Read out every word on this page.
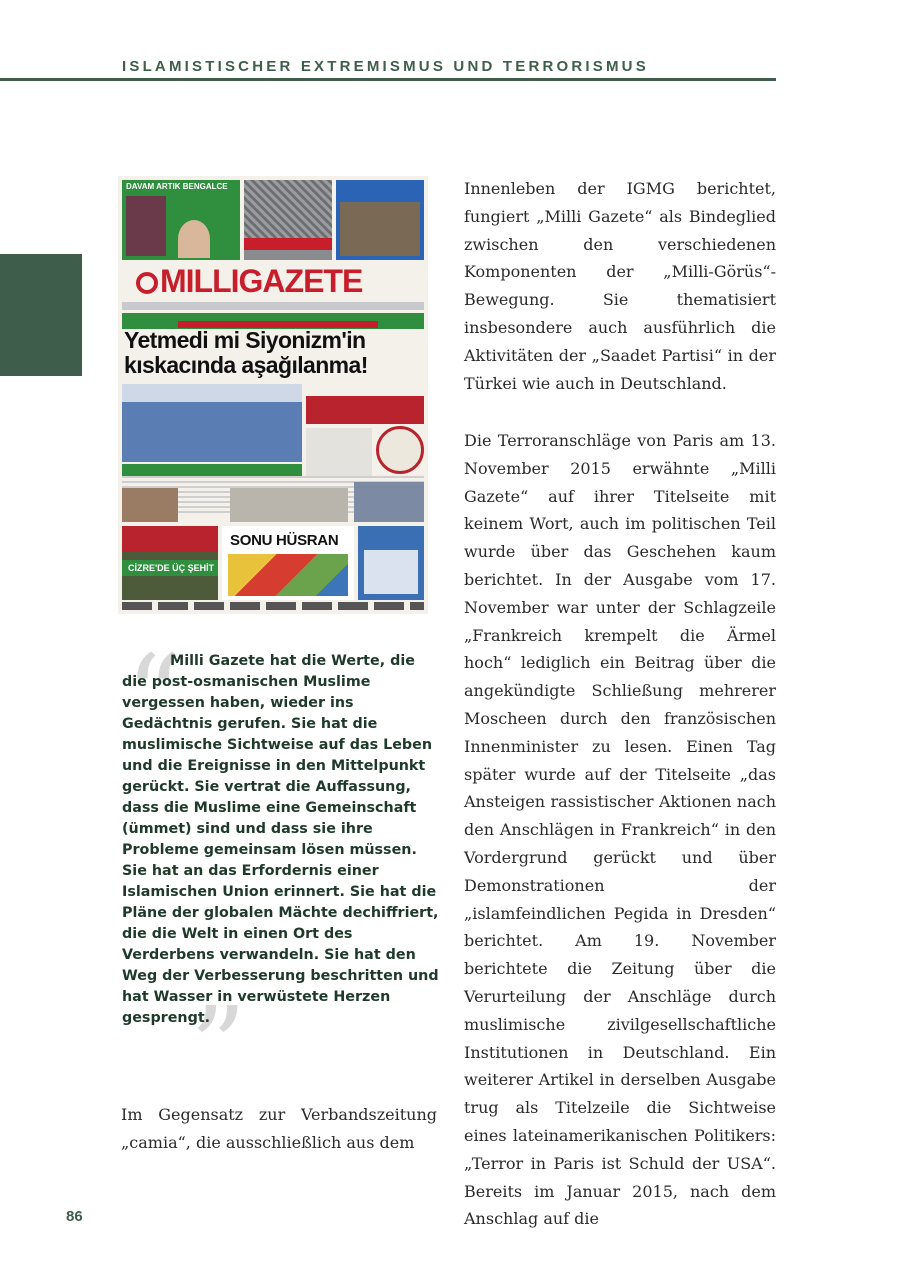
ISLAMISTISCHER EXTREMISMUS UND TERRORISMUS
DAVAM ARTIK BENGALCE
MILLIGAZETE
Yetmedi mi Siyonizm'in kıskacında aşağılanma!
CİZRE'DE ÜÇ ŞEHİT
SONU HÜSRAN
“
”

Milli Gazete hat die Werte, die die post-osmanischen Muslime vergessen haben, wieder ins Gedächtnis gerufen. Sie hat die muslimische Sichtweise auf das Leben und die Ereignisse in den Mittelpunkt gerückt. Sie vertrat die Auffassung, dass die Muslime eine Gemeinschaft (ümmet) sind und dass sie ihre Probleme gemeinsam lösen müssen. Sie hat an das Erfordernis einer Islamischen Union erinnert. Sie hat die Pläne der globalen Mächte dechiffriert, die die Welt in einen Ort des Verderbens verwandeln. Sie hat den Weg der Verbesserung beschritten und hat Wasser in verwüstete Herzen gesprengt.

Im Gegensatz zur Verbandszeitung „camia“, die ausschließlich aus dem

Innenleben der IGMG berichtet, fungiert „Milli Gazete“ als Bindeglied zwischen den verschiedenen Komponenten der „Milli-Görüs“-Bewegung. Sie thematisiert insbesondere auch ausführlich die Aktivitäten der „Saadet Partisi“ in der Türkei wie auch in Deutschland.

Die Terroranschläge von Paris am 13. November 2015 erwähnte „Milli Gazete“ auf ihrer Titelseite mit keinem Wort, auch im politischen Teil wurde über das Geschehen kaum berichtet. In der Ausgabe vom 17. November war unter der Schlagzeile „Frankreich krempelt die Ärmel hoch“ lediglich ein Beitrag über die angekündigte Schließung mehrerer Moscheen durch den französischen Innenminister zu lesen. Einen Tag später wurde auf der Titelseite „das Ansteigen rassistischer Aktionen nach den Anschlägen in Frankreich“ in den Vordergrund gerückt und über Demonstrationen der „islamfeindlichen Pegida in Dresden“ berichtet. Am 19. November berichtete die Zeitung über die Verurteilung der Anschläge durch muslimische zivilgesellschaftliche Institutionen in Deutschland. Ein weiterer Artikel in derselben Ausgabe trug als Titelzeile die Sichtweise eines lateinamerikanischen Politikers: „Terror in Paris ist Schuld der USA“. Bereits im Januar 2015, nach dem Anschlag auf die

86
